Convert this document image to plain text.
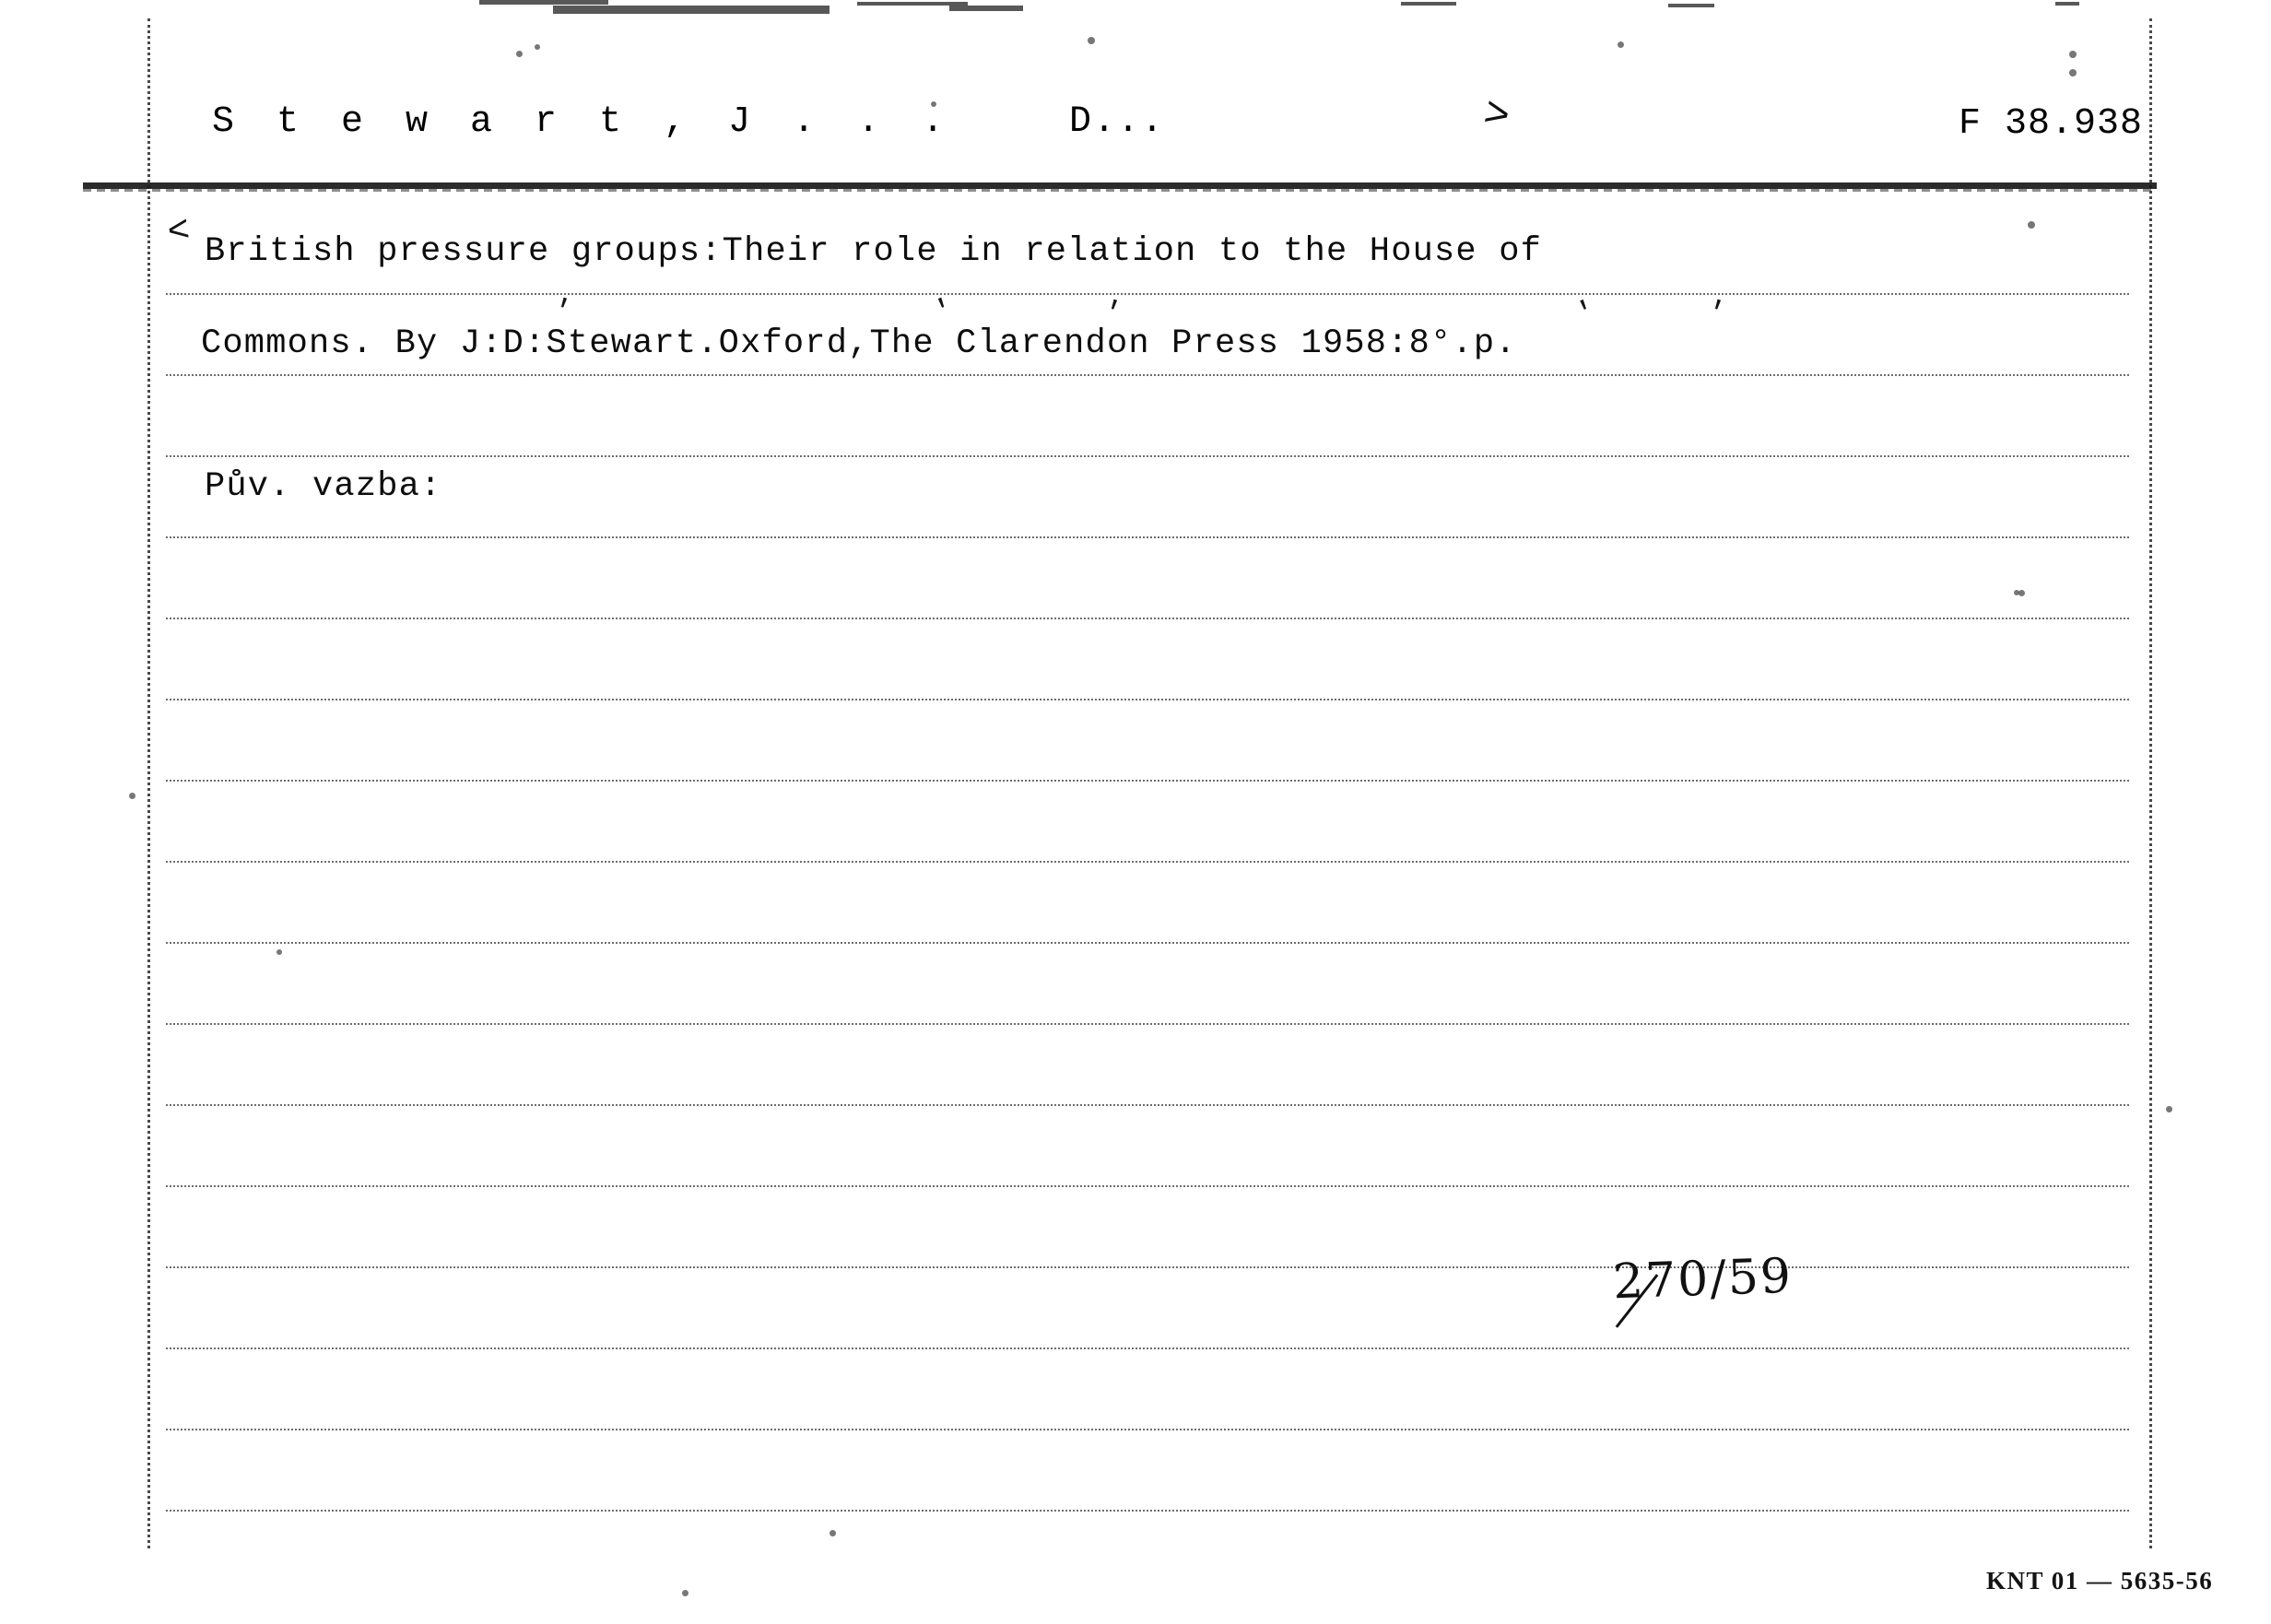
S t e w a r t , J . . .	D...	>	F 38.938
< British pressure groups:Their role in relation to the House of
Commons. By J:D:Stewart.Oxford,The Clarendon Press 1958:8°.p.
'	'	'	'	'
Pův. vazba:
270/59
KNT 01 — 5635-56
